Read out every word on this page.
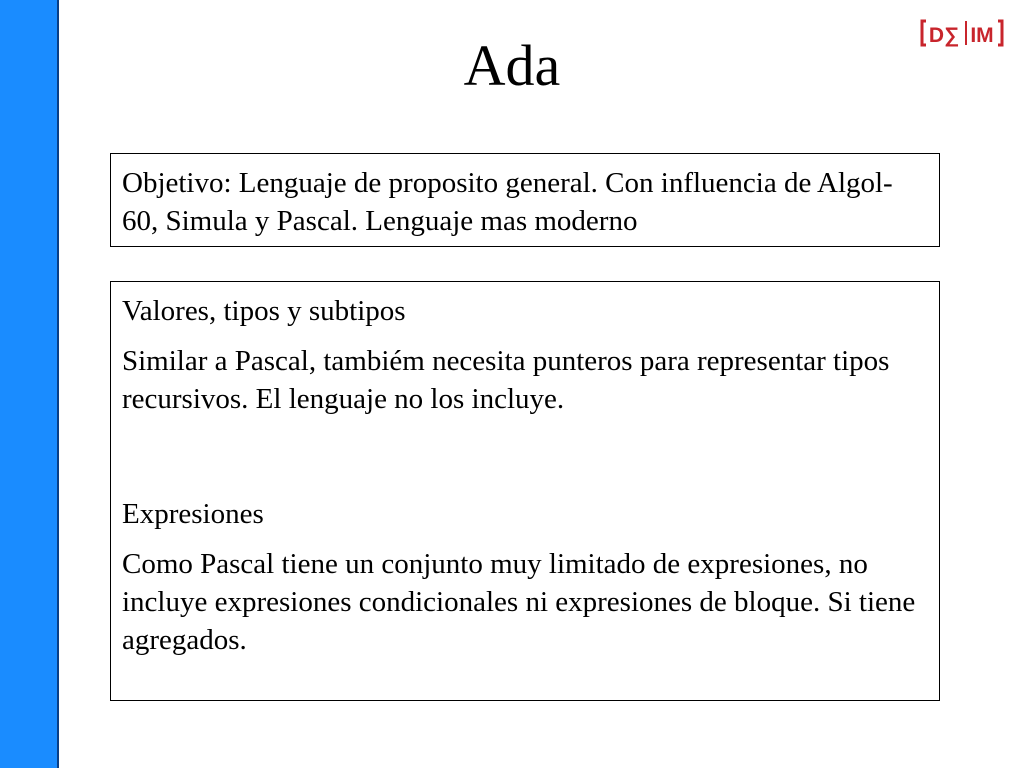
D∑ IM
Ada

Objetivo: Lenguaje de proposito general. Con influencia de Algol-60, Simula y Pascal. Lenguaje mas moderno

Valores, tipos y subtipos

Similar a Pascal, tambiém necesita punteros para representar tipos recursivos. El lenguaje no los incluye.

Expresiones

Como Pascal tiene un conjunto muy limitado de expresiones, no incluye expresiones condicionales ni expresiones de bloque. Si tiene agregados.
